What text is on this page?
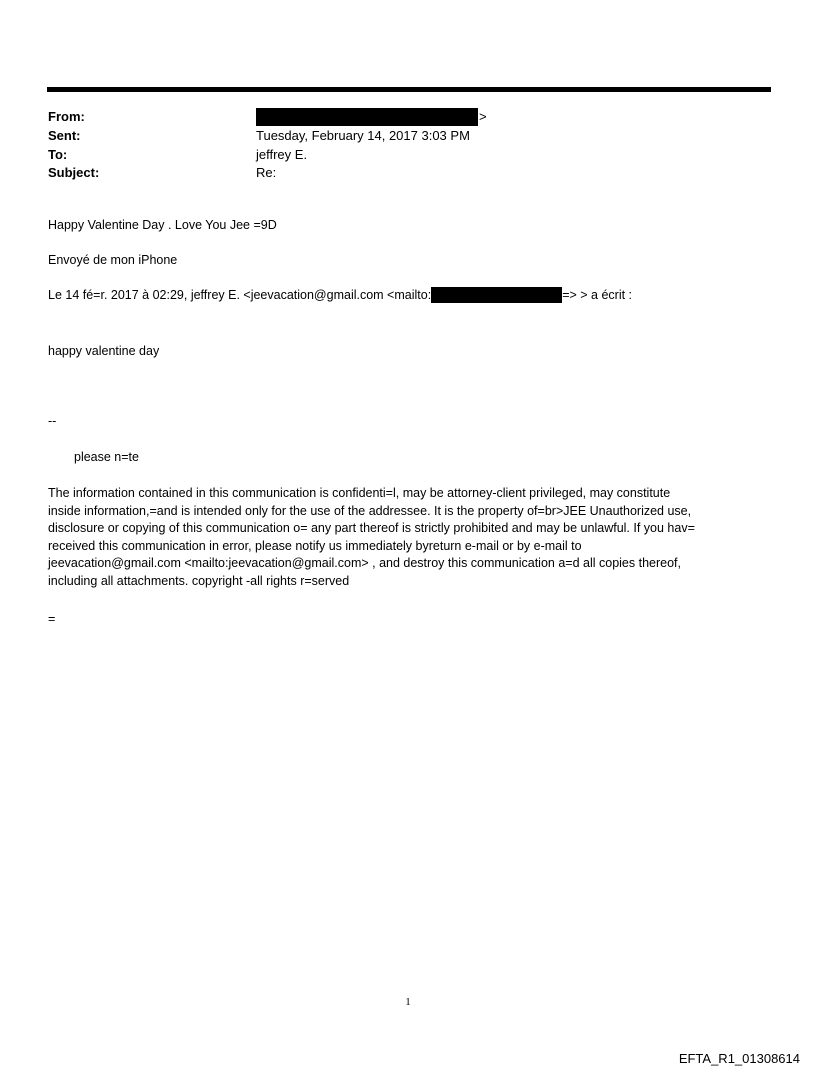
From:	>
Sent:	Tuesday, February 14, 2017 3:03 PM
To:	jeffrey E.
Subject:	Re:
Happy Valentine Day . Love You Jee =9D
Envoyé de mon iPhone
Le 14 fé=r. 2017 à 02:29, jeffrey E. <jeevacation@gmail.com <mailto:	=> > a écrit :
happy valentine day
--
please n=te
The information contained in this communication is confidenti=l, may be attorney-client privileged, may constitute
inside information,=and is intended only for the use of the addressee. It is the property of=br>JEE Unauthorized use,
disclosure or copying of this communication o= any part thereof is strictly prohibited and may be unlawful. If you hav=
received this communication in error, please notify us immediately byreturn e-mail or by e-mail to
jeevacation@gmail.com <mailto:jeevacation@gmail.com> , and destroy this communication a=d all copies thereof,
including all attachments. copyright -all rights r=served
=
1
EFTA_R1_01308614
